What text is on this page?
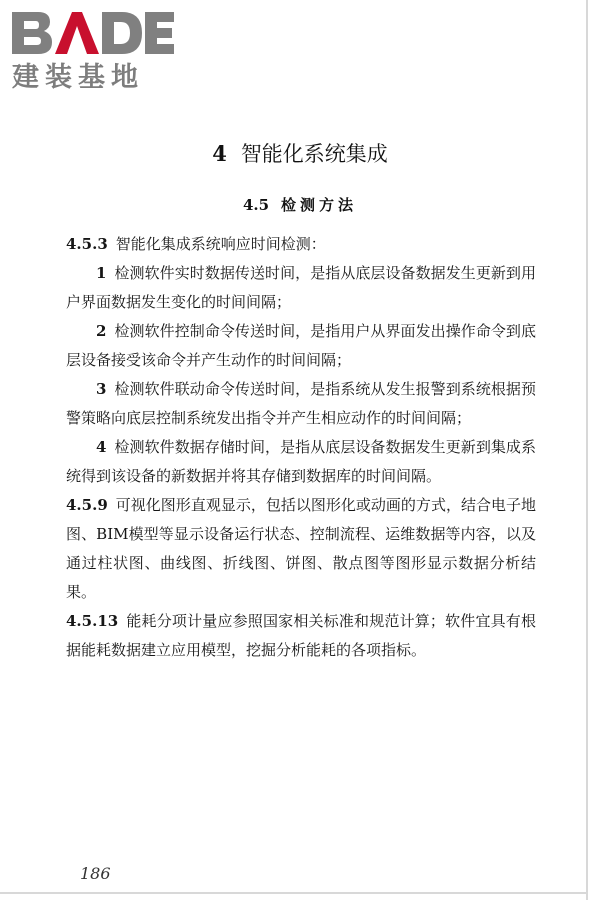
建装基地
4 智能化系统集成
4.5 检测方法

4.5.3 智能化集成系统响应时间检测：

1 检测软件实时数据传送时间，是指从底层设备数据发生更新到用户界面数据发生变化的时间间隔；

2 检测软件控制命令传送时间，是指用户从界面发出操作命令到底层设备接受该命令并产生动作的时间间隔；

3 检测软件联动命令传送时间，是指系统从发生报警到系统根据预警策略向底层控制系统发出指令并产生相应动作的时间间隔；

4 检测软件数据存储时间，是指从底层设备数据发生更新到集成系统得到该设备的新数据并将其存储到数据库的时间间隔。

4.5.9 可视化图形直观显示，包括以图形化或动画的方式，结合电子地图、BIM模型等显示设备运行状态、控制流程、运维数据等内容，以及通过柱状图、曲线图、折线图、饼图、散点图等图形显示数据分析结果。

4.5.13 能耗分项计量应参照国家相关标准和规范计算；软件宜具有根据能耗数据建立应用模型，挖掘分析能耗的各项指标。

186
